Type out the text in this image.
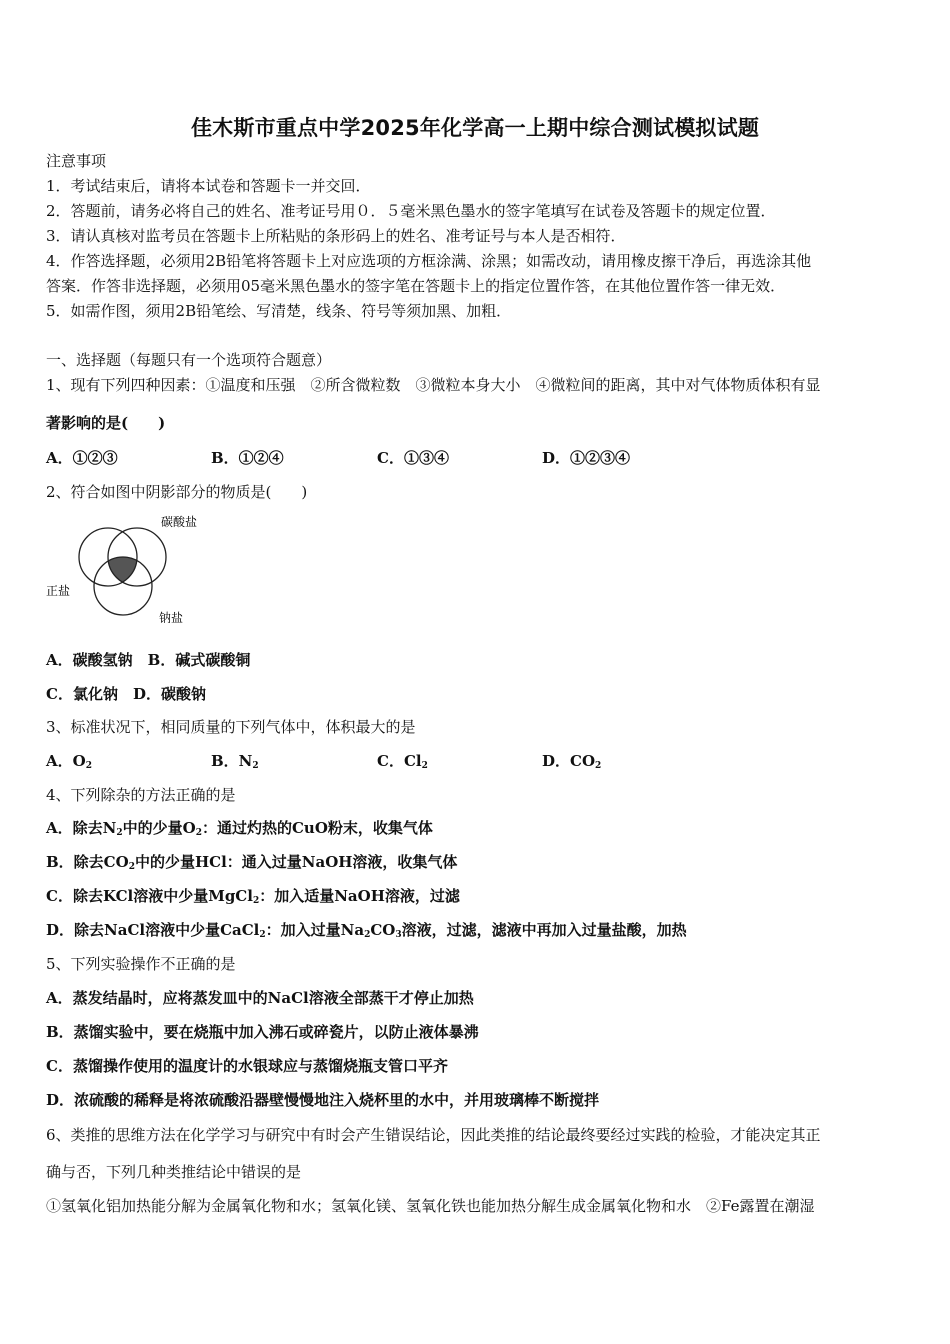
佳木斯市重点中学2025年化学高一上期中综合测试模拟试题
注意事项
1．考试结束后，请将本试卷和答题卡一并交回．
2．答题前，请务必将自己的姓名、准考证号用０．５毫米黑色墨水的签字笔填写在试卷及答题卡的规定位置．
3．请认真核对监考员在答题卡上所粘贴的条形码上的姓名、准考证号与本人是否相符．
4．作答选择题，必须用2B铅笔将答题卡上对应选项的方框涂满、涂黑；如需改动，请用橡皮擦干净后，再选涂其他
答案．作答非选择题，必须用05毫米黑色墨水的签字笔在答题卡上的指定位置作答，在其他位置作答一律无效．
5．如需作图，须用2B铅笔绘、写清楚，线条、符号等须加黑、加粗．
一、选择题（每题只有一个选项符合题意）
1、现有下列四种因素：①温度和压强　②所含微粒数　③微粒本身大小　④微粒间的距离，其中对气体物质体积有显
著影响的是(　　)
A．①②③	B．①②④	C．①③④	D．①②③④
2、符合如图中阴影部分的物质是(　　)
碳酸盐
正盐
钠盐
A．碳酸氢钠　B．碱式碳酸铜
C．氯化钠　D．碳酸钠
3、标准状况下，相同质量的下列气体中，体积最大的是
A．$O_2$	B．$N_2$	C．$Cl_2$	D．$CO_2$
4、下列除杂的方法正确的是
A．除去$N_2$中的少量$O_2$：通过灼热的CuO粉末，收集气体
B．除去$CO_2$中的少量HCl：通入过量NaOH溶液，收集气体
C．除去KCl溶液中少量MgCl$_2$：加入适量NaOH溶液，过滤
D．除去NaCl溶液中少量CaCl$_2$：加入过量$Na_2CO_3$溶液，过滤，滤液中再加入过量盐酸，加热
5、下列实验操作不正确的是
A．蒸发结晶时，应将蒸发皿中的NaCl溶液全部蒸干才停止加热
B．蒸馏实验中，要在烧瓶中加入沸石或碎瓷片，以防止液体暴沸
C．蒸馏操作使用的温度计的水银球应与蒸馏烧瓶支管口平齐
D．浓硫酸的稀释是将浓硫酸沿器壁慢慢地注入烧杯里的水中，并用玻璃棒不断搅拌
6、类推的思维方法在化学学习与研究中有时会产生错误结论，因此类推的结论最终要经过实践的检验，才能决定其正
确与否，下列几种类推结论中错误的是
①氢氧化铝加热能分解为金属氧化物和水；氢氧化镁、氢氧化铁也能加热分解生成金属氧化物和水　②Fe露置在潮湿
